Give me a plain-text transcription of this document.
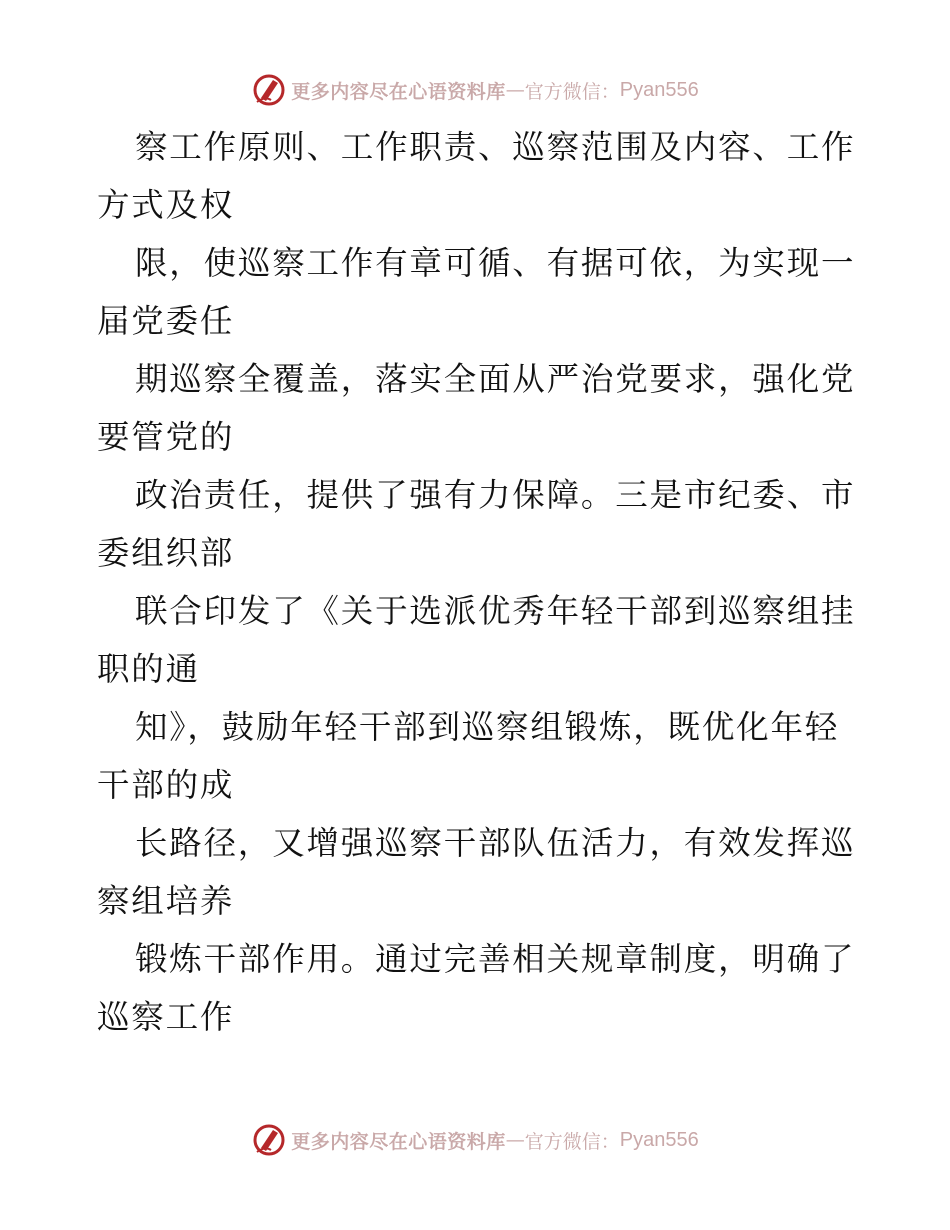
更多内容尽在心语资料库 — 官方微信： Pyan556
察工作原则、工作职责、巡察范围及内容、工作
方式及权
限，使巡察工作有章可循、有据可依，为实现一
届党委任
期巡察全覆盖，落实全面从严治党要求，强化党
要管党的
政治责任，提供了强有力保障。三是市纪委、市
委组织部
联合印发了《关于选派优秀年轻干部到巡察组挂
职的通
知》，鼓励年轻干部到巡察组锻炼，既优化年轻
干部的成
长路径，又增强巡察干部队伍活力，有效发挥巡
察组培养
锻炼干部作用。通过完善相关规章制度，明确了
巡察工作
更多内容尽在心语资料库 — 官方微信： Pyan556
